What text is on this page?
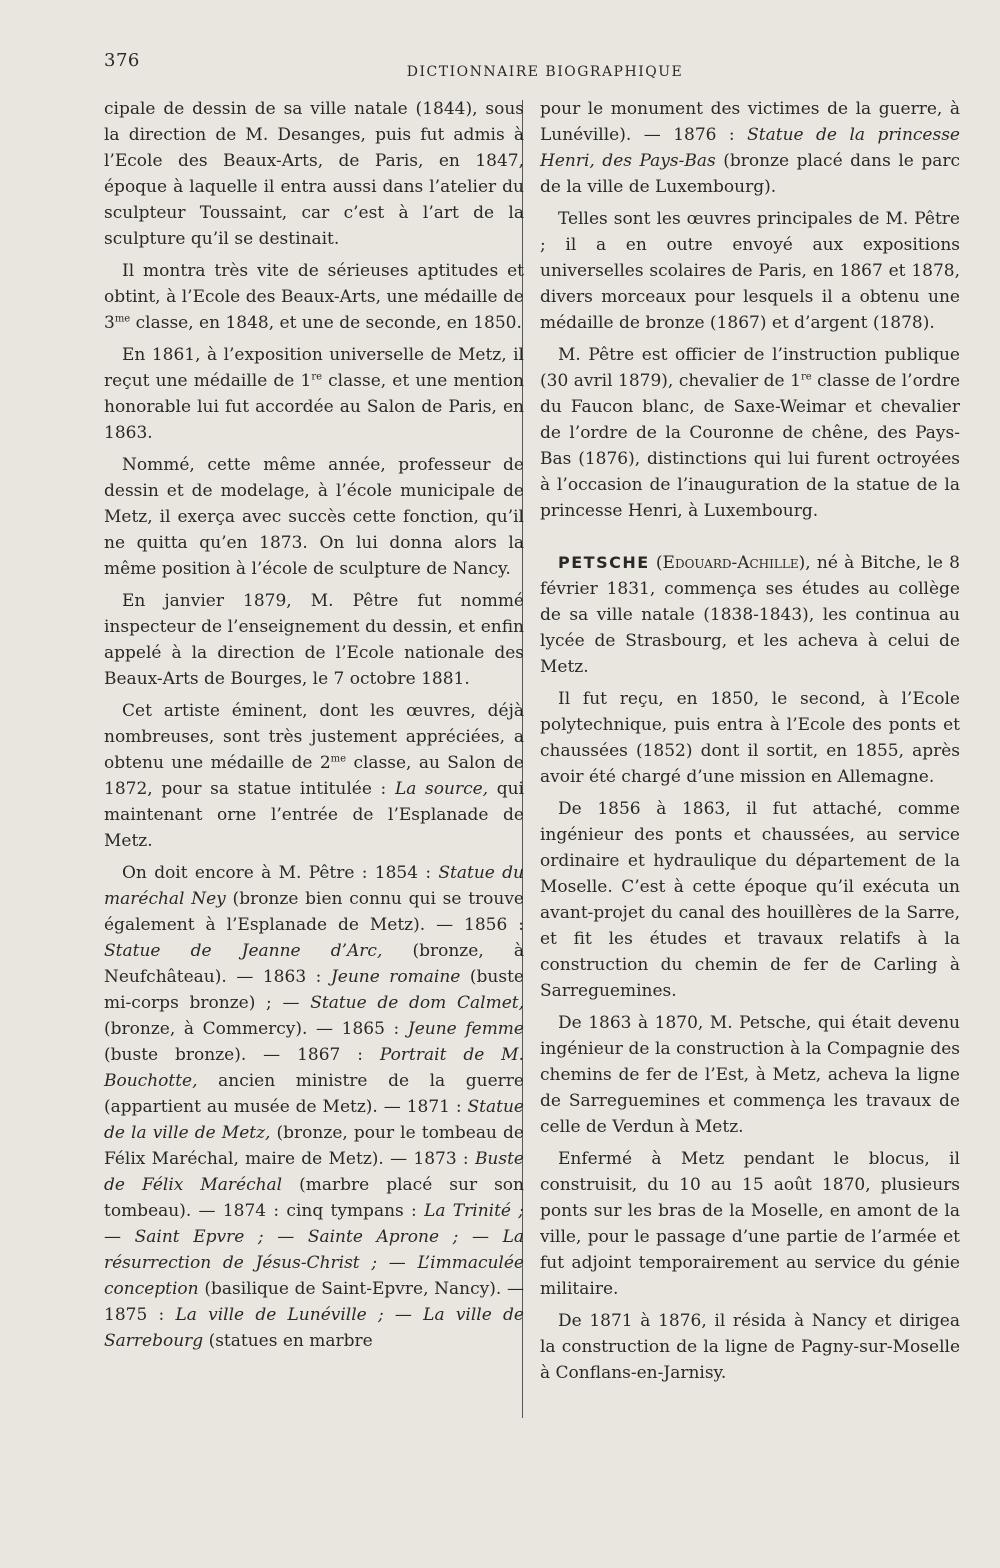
376
DICTIONNAIRE BIOGRAPHIQUE

cipale de dessin de sa ville natale (1844), sous la direction de M. Desanges, puis fut admis à l’Ecole des Beaux-Arts, de Paris, en 1847, époque à laquelle il entra aussi dans l’atelier du sculpteur Toussaint, car c’est à l’art de la sculpture qu’il se destinait.

Il montra très vite de sérieuses aptitudes et obtint, à l’Ecole des Beaux-Arts, une médaille de $3^{me}$ classe, en 1848, et une de seconde, en 1850.

En 1861, à l’exposition universelle de Metz, il reçut une médaille de 1re classe, et une mention honorable lui fut accordée au Salon de Paris, en 1863.

Nommé, cette même année, professeur de dessin et de modelage, à l’école municipale de Metz, il exerça avec succès cette fonction, qu’il ne quitta qu’en 1873. On lui donna alors la même position à l’école de sculpture de Nancy.

En janvier 1879, M. Pêtre fut nommé inspecteur de l’enseignement du dessin, et enfin appelé à la direction de l’Ecole nationale des Beaux-Arts de Bourges, le 7 octobre 1881.

Cet artiste éminent, dont les œuvres, déjà nombreuses, sont très justement appréciées, a obtenu une médaille de $2^{me}$ classe, au Salon de 1872, pour sa statue intitulée : La source, qui maintenant orne l’entrée de l’Esplanade de Metz.

On doit encore à M. Pêtre : 1854 : Statue du maréchal Ney (bronze bien connu qui se trouve également à l’Esplanade de Metz). — 1856 : Statue de Jeanne d’Arc, (bronze, à Neufchâteau). — 1863 : Jeune romaine (buste mi-corps bronze) ; — Statue de dom Calmet, (bronze, à Commercy). — 1865 : Jeune femme (buste bronze). — 1867 : Portrait de M. Bouchotte, ancien ministre de la guerre (appartient au musée de Metz). — 1871 : Statue de la ville de Metz, (bronze, pour le tombeau de Félix Maréchal, maire de Metz). — 1873 : Buste de Félix Maréchal (marbre placé sur son tombeau). — 1874 : cinq tympans : La Trinité ; — Saint Epvre ; — Sainte Aprone ; — La résurrection de Jésus-Christ ; — L’immaculée conception (basilique de Saint-Epvre, Nancy). — 1875 : La ville de Lunéville ; — La ville de Sarrebourg (statues en marbre

pour le monument des victimes de la guerre, à Lunéville). — 1876 : Statue de la princesse Henri, des Pays-Bas (bronze placé dans le parc de la ville de Luxembourg).

Telles sont les œuvres principales de M. Pêtre ; il a en outre envoyé aux expositions universelles scolaires de Paris, en 1867 et 1878, divers morceaux pour lesquels il a obtenu une médaille de bronze (1867) et d’argent (1878).

M. Pêtre est officier de l’instruction publique (30 avril 1879), chevalier de 1re classe de l’ordre du Faucon blanc, de Saxe-Weimar et chevalier de l’ordre de la Couronne de chêne, des Pays-Bas (1876), distinctions qui lui furent octroyées à l’occasion de l’inauguration de la statue de la princesse Henri, à Luxembourg.

PETSCHE (Edouard-Achille), né à Bitche, le 8 février 1831, commença ses études au collège de sa ville natale (1838-1843), les continua au lycée de Strasbourg, et les acheva à celui de Metz.

Il fut reçu, en 1850, le second, à l’Ecole polytechnique, puis entra à l’Ecole des ponts et chaussées (1852) dont il sortit, en 1855, après avoir été chargé d’une mission en Allemagne.

De 1856 à 1863, il fut attaché, comme ingénieur des ponts et chaussées, au service ordinaire et hydraulique du département de la Moselle. C’est à cette époque qu’il exécuta un avant-projet du canal des houillères de la Sarre, et fit les études et travaux relatifs à la construction du chemin de fer de Carling à Sarreguemines.

De 1863 à 1870, M. Petsche, qui était devenu ingénieur de la construction à la Compagnie des chemins de fer de l’Est, à Metz, acheva la ligne de Sarreguemines et commença les travaux de celle de Verdun à Metz.

Enfermé à Metz pendant le blocus, il construisit, du 10 au 15 août 1870, plusieurs ponts sur les bras de la Moselle, en amont de la ville, pour le passage d’une partie de l’armée et fut adjoint temporairement au service du génie militaire.

De 1871 à 1876, il résida à Nancy et dirigea la construction de la ligne de Pagny-sur-Moselle à Conflans-en-Jarnisy.
